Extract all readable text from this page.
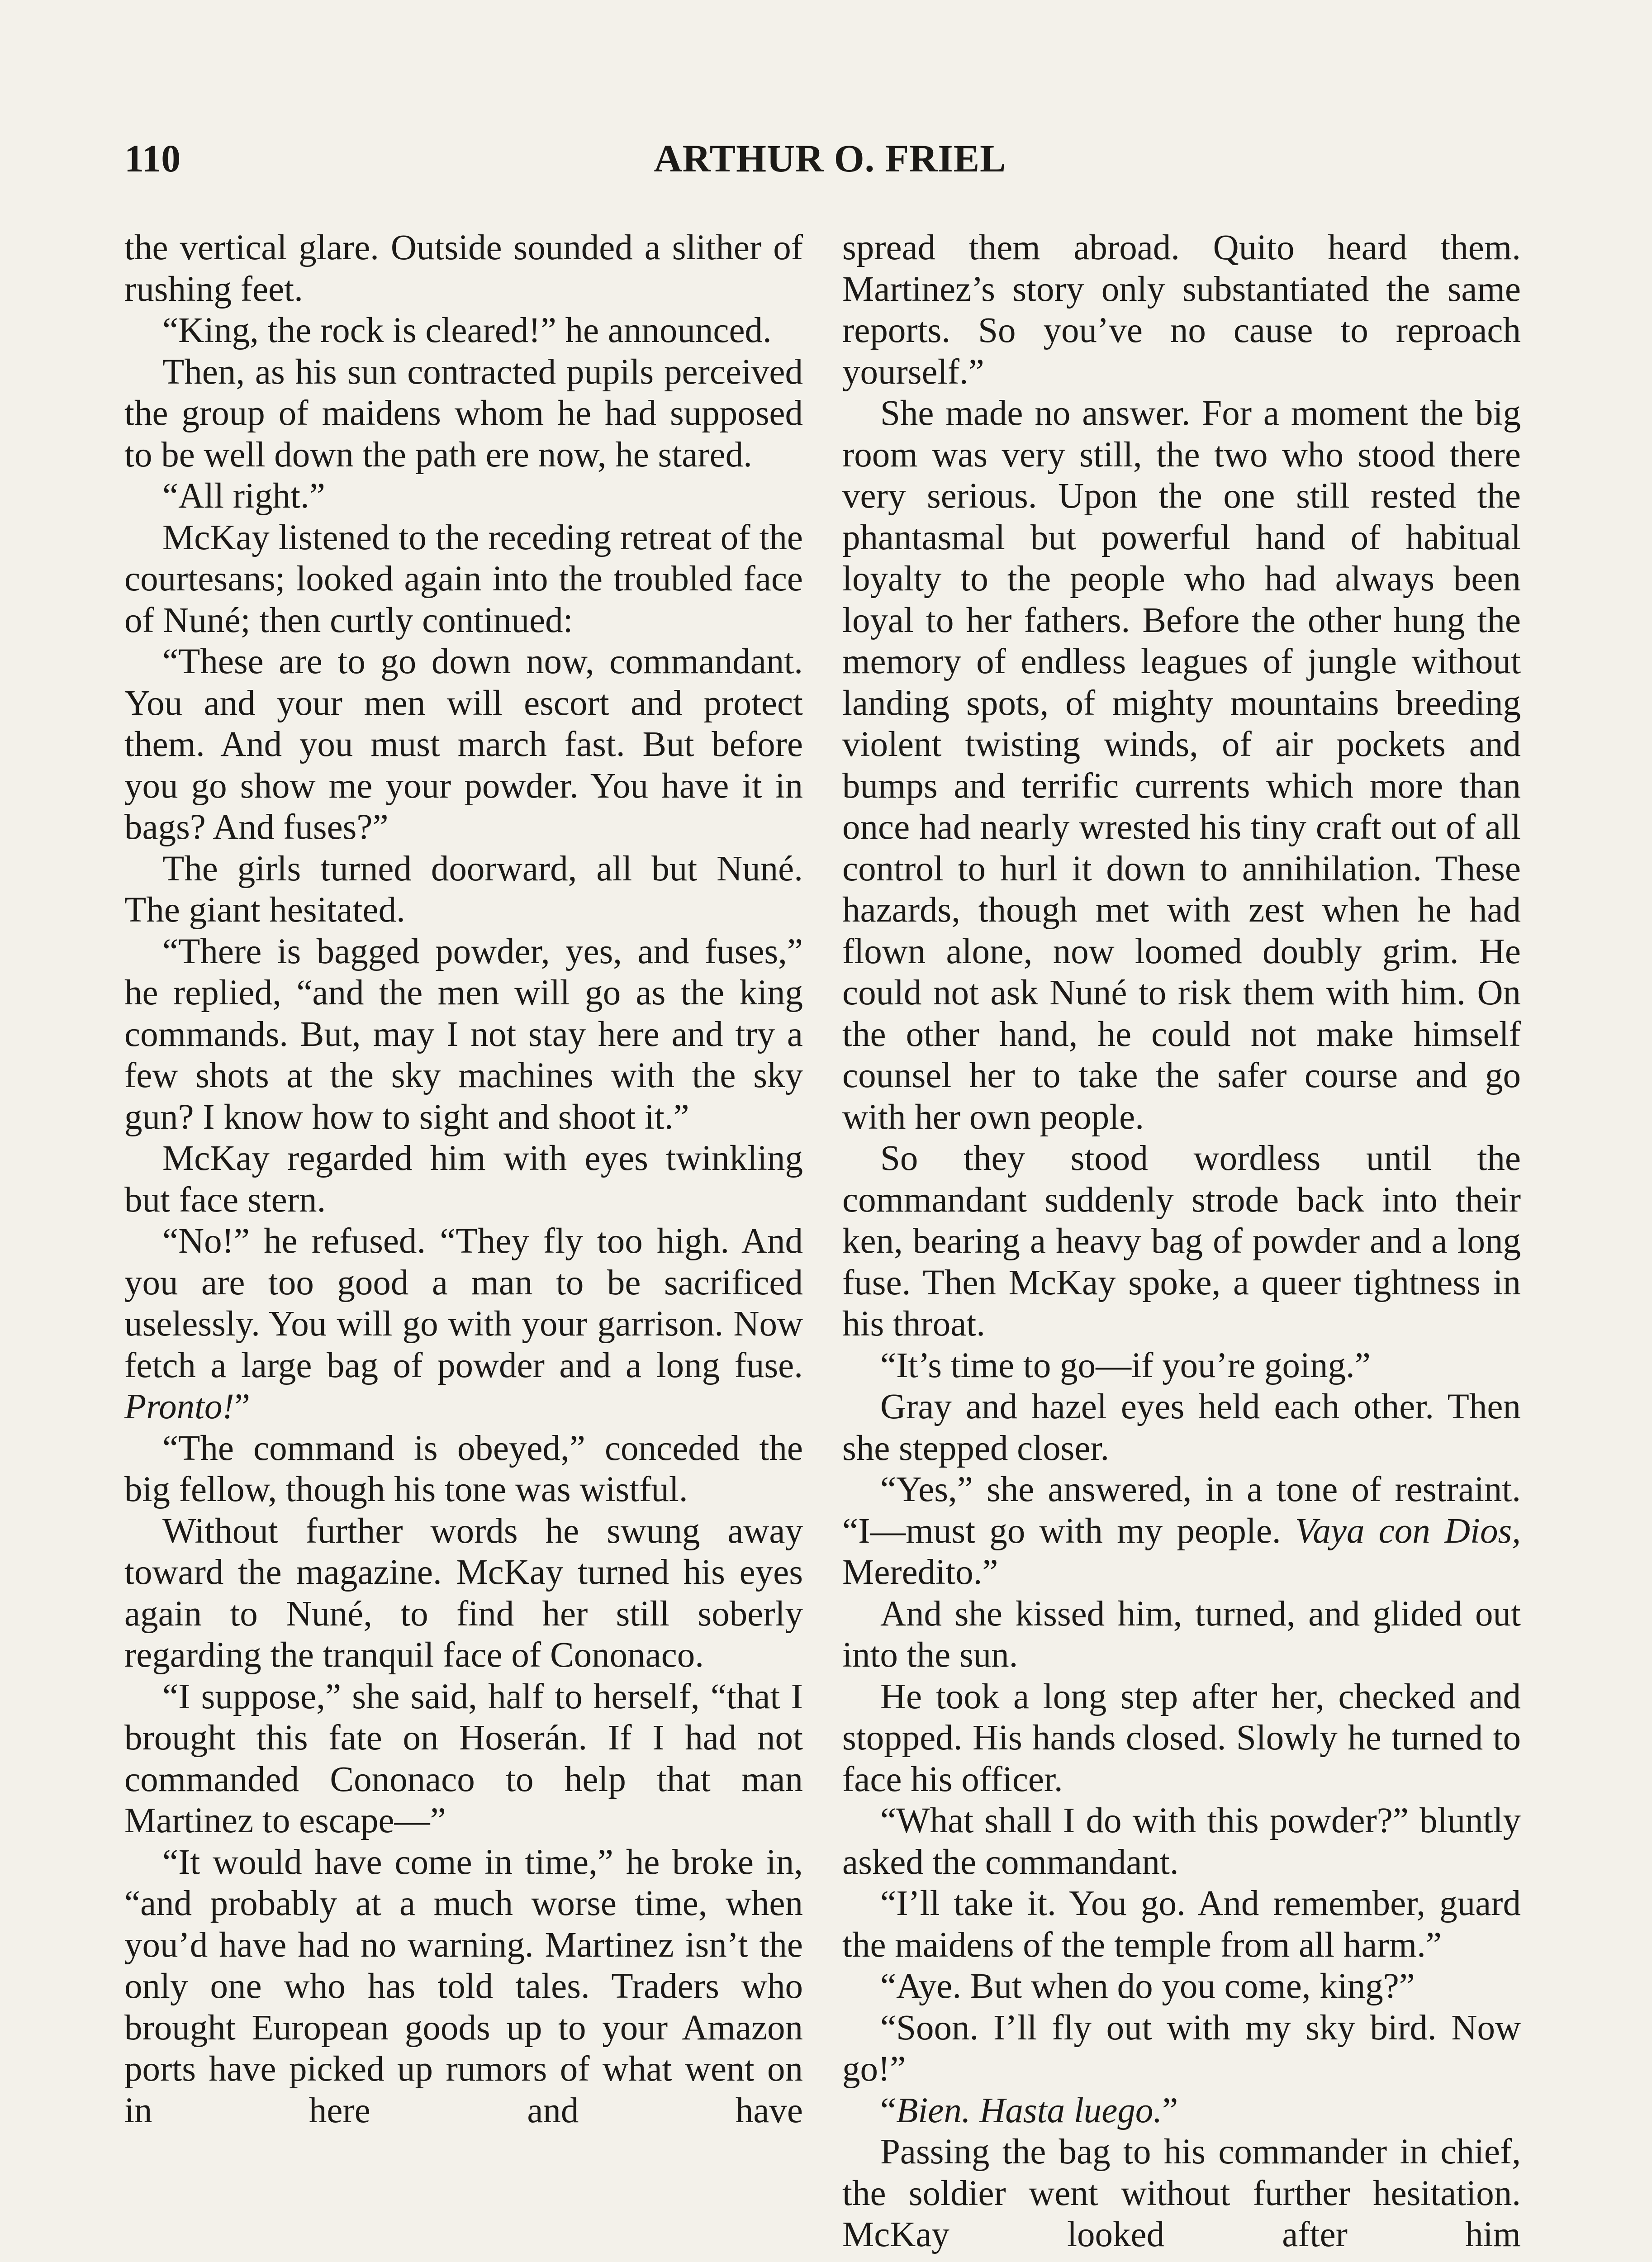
110	ARTHUR O. FRIEL

the vertical glare. Outside sounded a slither of rushing feet.

“King, the rock is cleared!” he announced.

Then, as his sun contracted pupils perceived the group of maidens whom he had supposed to be well down the path ere now, he stared.

“All right.”

McKay listened to the receding retreat of the courtesans; looked again into the troubled face of Nuné; then curtly continued:

“These are to go down now, commandant. You and your men will escort and protect them. And you must march fast. But before you go show me your powder. You have it in bags? And fuses?”

The girls turned doorward, all but Nuné. The giant hesitated.

“There is bagged powder, yes, and fuses,” he replied, “and the men will go as the king commands. But, may I not stay here and try a few shots at the sky machines with the sky gun? I know how to sight and shoot it.”

McKay regarded him with eyes twinkling but face stern.

“No!” he refused. “They fly too high. And you are too good a man to be sacrificed uselessly. You will go with your garrison. Now fetch a large bag of powder and a long fuse. Pronto!”

“The command is obeyed,” conceded the big fellow, though his tone was wistful.

Without further words he swung away toward the magazine. McKay turned his eyes again to Nuné, to find her still soberly regarding the tranquil face of Cononaco.

“I suppose,” she said, half to herself, “that I brought this fate on Hoserán. If I had not commanded Cononaco to help that man Martinez to escape—”

“It would have come in time,” he broke in, “and probably at a much worse time, when you’d have had no warning. Martinez isn’t the only one who has told tales. Traders who brought European goods up to your Amazon ports have picked up rumors of what went on in here and have

spread them abroad. Quito heard them. Martinez’s story only substantiated the same reports. So you’ve no cause to reproach yourself.”

She made no answer. For a moment the big room was very still, the two who stood there very serious. Upon the one still rested the phantasmal but powerful hand of habitual loyalty to the people who had always been loyal to her fathers. Before the other hung the memory of endless leagues of jungle without landing spots, of mighty mountains breeding violent twisting winds, of air pockets and bumps and terrific currents which more than once had nearly wrested his tiny craft out of all control to hurl it down to annihilation. These hazards, though met with zest when he had flown alone, now loomed doubly grim. He could not ask Nuné to risk them with him. On the other hand, he could not make himself counsel her to take the safer course and go with her own people.

So they stood wordless until the commandant suddenly strode back into their ken, bearing a heavy bag of powder and a long fuse. Then McKay spoke, a queer tightness in his throat.

“It’s time to go—if you’re going.”

Gray and hazel eyes held each other. Then she stepped closer.

“Yes,” she answered, in a tone of restraint. “I—must go with my people. Vaya con Dios, Meredito.”

And she kissed him, turned, and glided out into the sun.

He took a long step after her, checked and stopped. His hands closed. Slowly he turned to face his officer.

“What shall I do with this powder?” bluntly asked the commandant.

“I’ll take it. You go. And remember, guard the maidens of the temple from all harm.”

“Aye. But when do you come, king?”

“Soon. I’ll fly out with my sky bird. Now go!”

“Bien. Hasta luego.”

Passing the bag to his commander in chief, the soldier went without further hesitation. McKay looked after him
